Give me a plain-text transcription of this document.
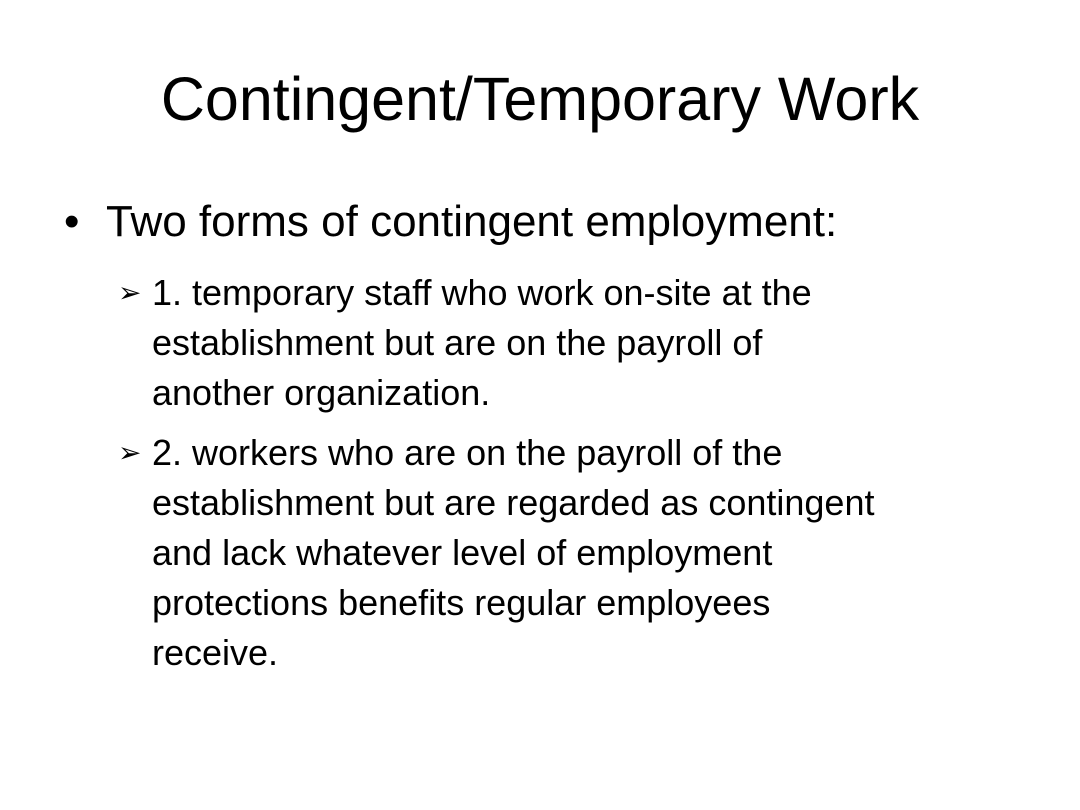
Contingent/Temporary Work
• Two forms of contingent employment:
➢ 1. temporary staff who work on-site at the
establishment but are on the payroll of
another organization.
➢ 2. workers who are on the payroll of the
establishment but are regarded as contingent
and lack whatever level of employment
protections benefits regular employees
receive.
